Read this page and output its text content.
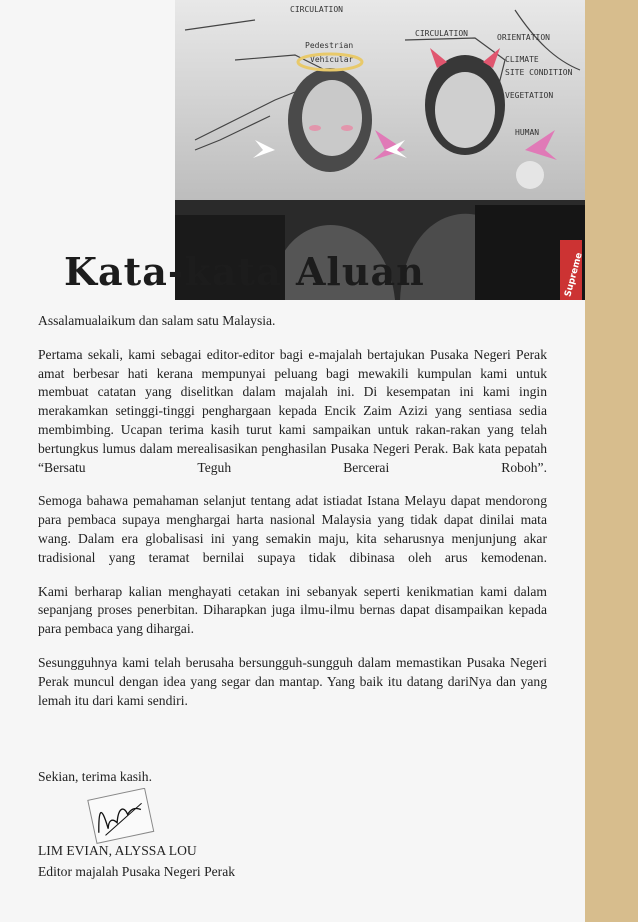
CIRCULATION
CIRCULATION	ORIENTATION
CLIMATE
SITE CONDITION
VEGETATION
HUMAN
Pedestrian
Vehicular
Supreme
Kata-kata Aluan

Assalamualaikum dan salam satu Malaysia.

Pertama sekali, kami sebagai editor-editor bagi e-majalah bertajukan Pusaka Negeri Perak amat berbesar hati kerana mempunyai peluang bagi mewakili kumpulan kami untuk membuat catatan yang diselitkan dalam majalah ini. Di kesempatan ini kami ingin merakamkan setinggi-tinggi penghargaan kepada Encik Zaim Azizi yang sentiasa sedia membimbing. Ucapan terima kasih turut kami sampaikan untuk rakan-rakan yang telah bertungkus lumus dalam merealisasikan penghasilan Pusaka Negeri Perak. Bak kata pepatah “Bersatu Teguh Bercerai Roboh”.

Semoga bahawa pemahaman selanjut tentang adat istiadat Istana Melayu dapat mendorong para pembaca supaya menghargai harta nasional Malaysia yang tidak dapat dinilai mata wang. Dalam era globalisasi ini yang semakin maju, kita seharusnya menjunjung akar tradisional yang teramat bernilai supaya tidak dibinasa oleh arus kemodenan.

Kami berharap kalian menghayati cetakan ini sebanyak seperti kenikmatian kami dalam sepanjang proses penerbitan. Diharapkan juga ilmu-ilmu bernas dapat disampaikan kepada para pembaca yang dihargai.

Sesungguhnya kami telah berusaha bersungguh-sungguh dalam memastikan Pusaka Negeri Perak muncul dengan idea yang segar dan mantap. Yang baik itu datang dariNya dan yang lemah itu dari kami sendiri.

Sekian, terima kasih.
LIM EVIAN, ALYSSA LOU
Editor majalah Pusaka Negeri Perak
